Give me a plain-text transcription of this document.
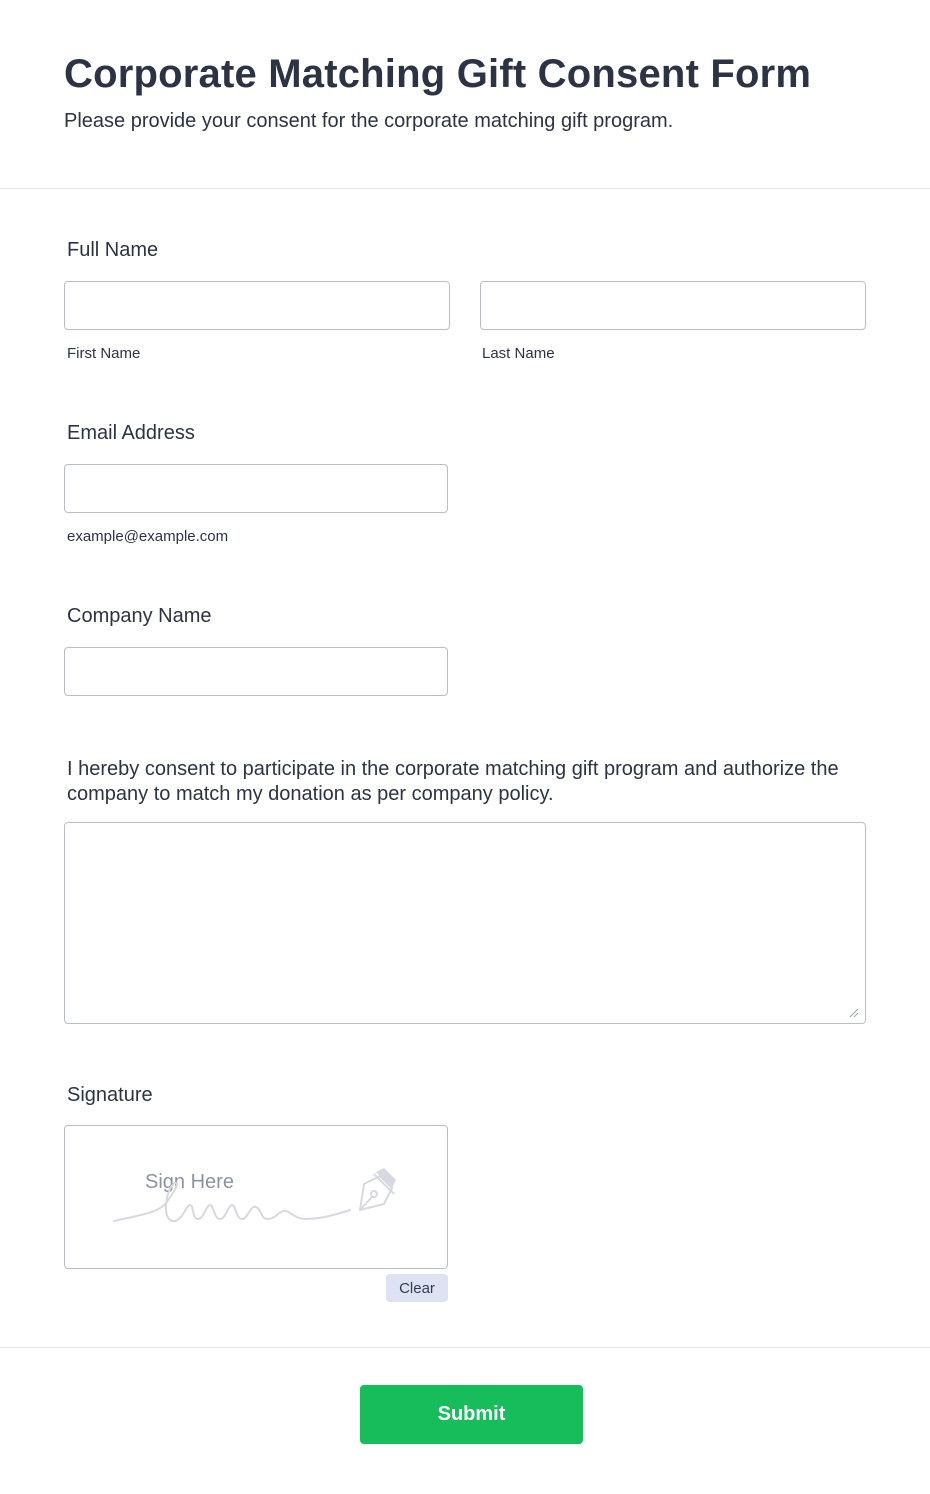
Corporate Matching Gift Consent Form

Please provide your consent for the corporate matching gift program.

Full Name
First Name	Last Name
Email Address
example@example.com
Company Name
I hereby consent to participate in the corporate matching gift program and authorize the company to match my donation as per company policy.
Signature
Sign Here
Clear
Submit
